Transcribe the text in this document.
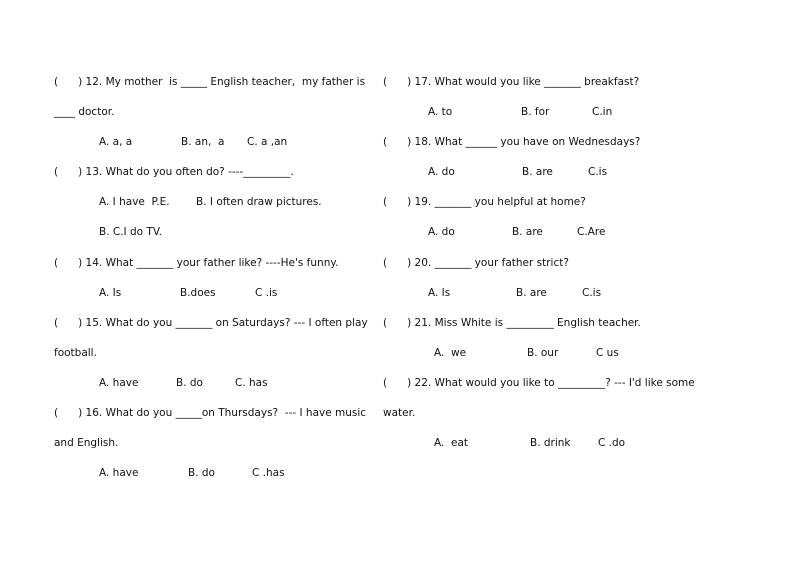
(      ) 12. My mother  is _____ English teacher,  my father is
____ doctor.
A. a, a	B. an,  a C. a ,an
(      ) 13. What do you often do? ----_________.
A. I have  P.E.	B. I often draw pictures.
B. C.I do TV.
(      ) 14. What _______ your father like? ----He's funny.
A. Is	B.does	C .is
(      ) 15. What do you _______ on Saturdays? --- I often play
football.
A. have	B. do	C. has
(      ) 16. What do you _____on Thursdays?  --- I have music
and English.
A. have	B. do	C .has
(      ) 17. What would you like _______ breakfast?
A. to	B. for	C.in
(      ) 18. What ______ you have on Wednesdays?
A. do	B. are	C.is
(      ) 19. _______ you helpful at home?
A. do	B. are	C.Are
(      ) 20. _______ your father strict?
A. Is	B. are	C.is
(      ) 21. Miss White is _________ English teacher.
A.  we	B. our	C us
(      ) 22. What would you like to _________? --- I'd like some
water.
A.  eat	B. drink	C .do
